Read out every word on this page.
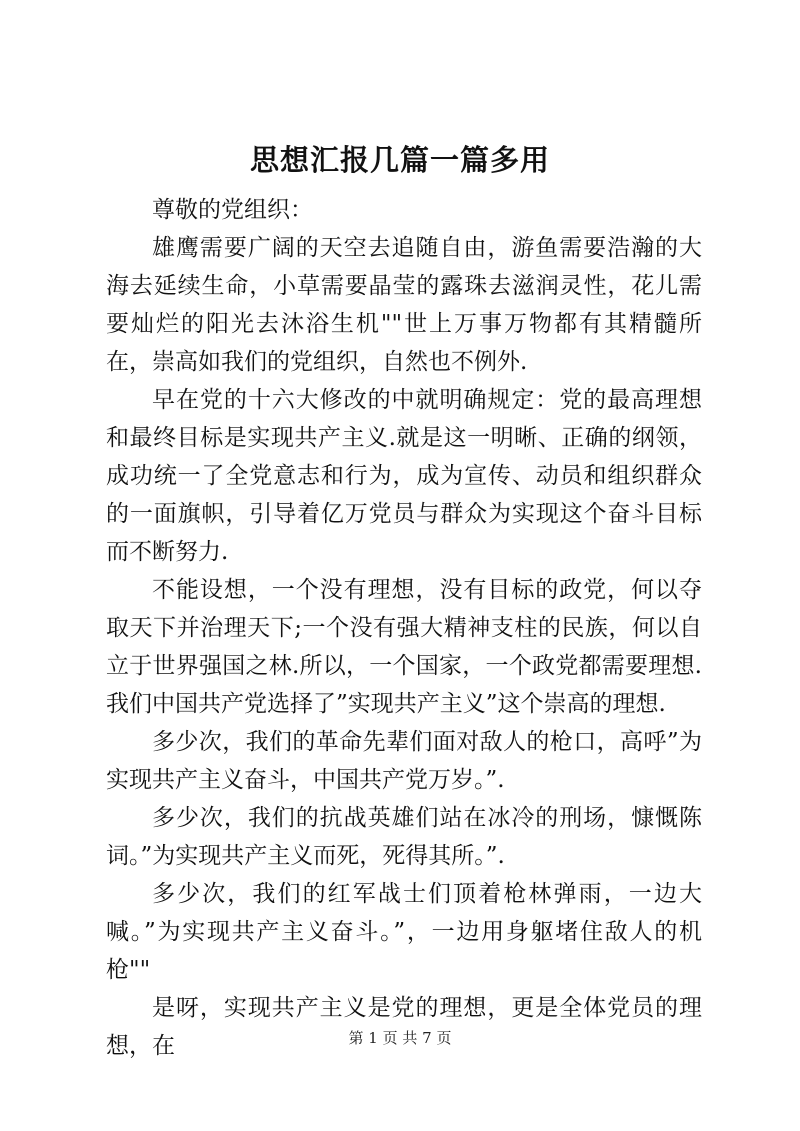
思想汇报几篇一篇多用

尊敬的党组织：

雄鹰需要广阔的天空去追随自由，游鱼需要浩瀚的大海去延续生命，小草需要晶莹的露珠去滋润灵性，花儿需要灿烂的阳光去沐浴生机""世上万事万物都有其精髓所在，崇高如我们的党组织，自然也不例外.

早在党的十六大修改的中就明确规定：党的最高理想和最终目标是实现共产主义.就是这一明晰、正确的纲领，成功统一了全党意志和行为，成为宣传、动员和组织群众的一面旗帜，引导着亿万党员与群众为实现这个奋斗目标而不断努力.

不能设想，一个没有理想，没有目标的政党，何以夺取天下并治理天下;一个没有强大精神支柱的民族，何以自立于世界强国之林.所以，一个国家，一个政党都需要理想.我们中国共产党选择了”实现共产主义”这个崇高的理想.

多少次，我们的革命先辈们面对敌人的枪口，高呼”为实现共产主义奋斗，中国共产党万岁。”.

多少次，我们的抗战英雄们站在冰冷的刑场，慷慨陈词。”为实现共产主义而死，死得其所。”.

多少次，我们的红军战士们顶着枪林弹雨，一边大喊。”为实现共产主义奋斗。”，一边用身躯堵住敌人的机枪""

是呀，实现共产主义是党的理想，更是全体党员的理想，在	第 1 页 共 7 页
